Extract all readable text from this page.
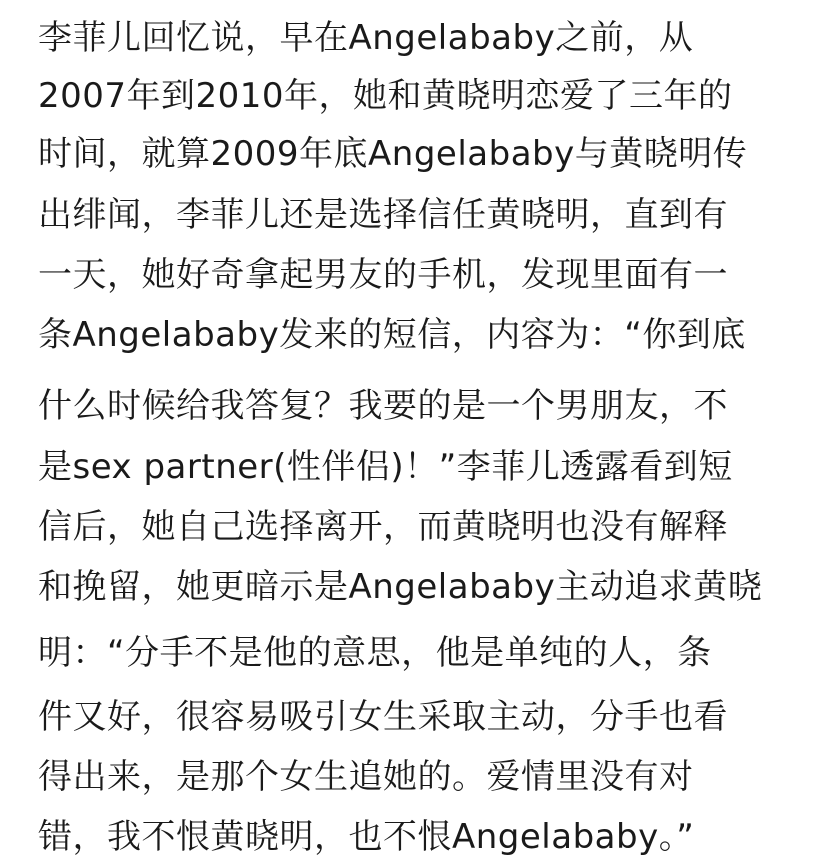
李菲儿回忆说，早在Angelababy之前，从
2007年到2010年，她和黄晓明恋爱了三年的
时间，就算2009年底Angelababy与黄晓明传
出绯闻，李菲儿还是选择信任黄晓明，直到有
一天，她好奇拿起男友的手机，发现里面有一
条Angelababy发来的短信，内容为：“你到底
什么时候给我答复？我要的是一个男朋友，不
是sex partner(性伴侣)！”李菲儿透露看到短
信后，她自己选择离开，而黄晓明也没有解释
和挽留，她更暗示是Angelababy主动追求黄晓
明：“分手不是他的意思，他是单纯的人，条
件又好，很容易吸引女生采取主动，分手也看
得出来，是那个女生追她的。爱情里没有对
错，我不恨黄晓明，也不恨Angelababy。”
